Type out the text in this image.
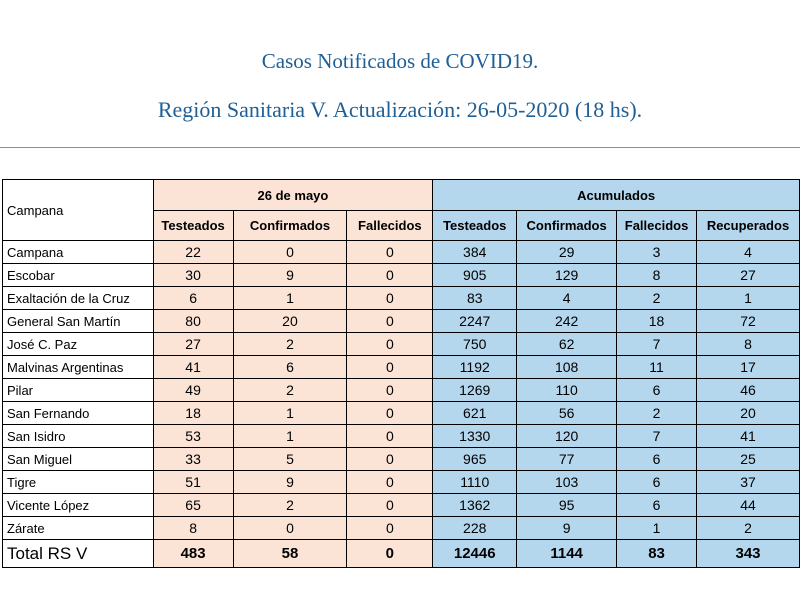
Casos Notificados de COVID19.
Región Sanitaria V. Actualización: 26-05-2020 (18 hs).
Campana	26 de mayo			Acumulados			
	Testeados	Confirmados	Fallecidos	Testeados	Confirmados	Fallecidos	Recuperados
Campana	22	0	0	384	29	3	4
Escobar	30	9	0	905	129	8	27
Exaltación de la Cruz	6	1	0	83	4	2	1
General San Martín	80	20	0	2247	242	18	72
José C. Paz	27	2	0	750	62	7	8
Malvinas Argentinas	41	6	0	1192	108	11	17
Pilar	49	2	0	1269	110	6	46
San Fernando	18	1	0	621	56	2	20
San Isidro	53	1	0	1330	120	7	41
San Miguel	33	5	0	965	77	6	25
Tigre	51	9	0	1110	103	6	37
Vicente López	65	2	0	1362	95	6	44
Zárate	8	0	0	228	9	1	2
Total RS V	483	58	0	12446	1144	83	343
